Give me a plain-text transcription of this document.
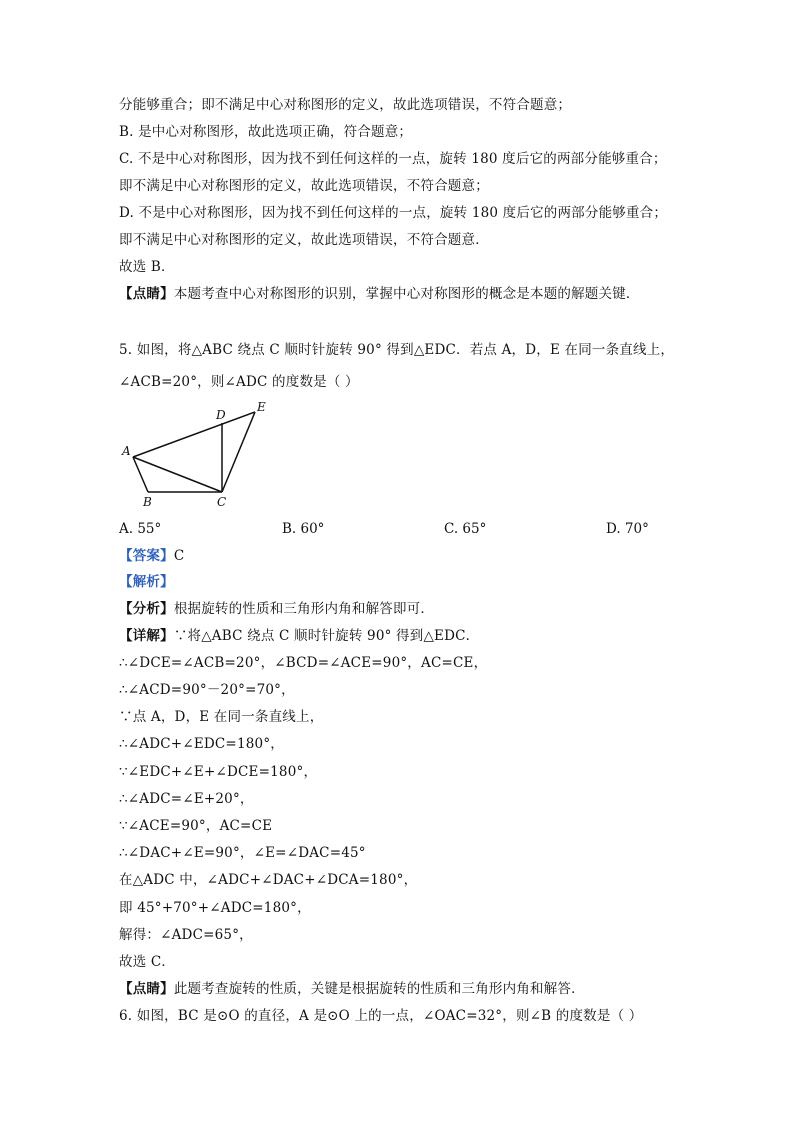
分能够重合；即不满足中心对称图形的定义，故此选项错误，不符合题意；
B. 是中心对称图形，故此选项正确，符合题意；
C. 不是中心对称图形，因为找不到任何这样的一点，旋转 180 度后它的两部分能够重合；
即不满足中心对称图形的定义，故此选项错误，不符合题意；
D. 不是中心对称图形，因为找不到任何这样的一点，旋转 180 度后它的两部分能够重合；
即不满足中心对称图形的定义，故此选项错误，不符合题意．
故选 B．
【点睛】本题考查中心对称图形的识别，掌握中心对称图形的概念是本题的解题关键．
5. 如图，将△ABC 绕点 C 顺时针旋转 90° 得到△EDC．若点 A，D，E 在同一条直线上，
∠ACB=20°，则∠ADC 的度数是（ ）
A
B	C
D
E
A. 55°	B. 60°	C. 65°	D. 70°
【答案】C
【解析】
【分析】根据旋转的性质和三角形内角和解答即可．
【详解】∵将△ABC 绕点 C 顺时针旋转 90° 得到△EDC．
∴∠DCE=∠ACB=20°，∠BCD=∠ACE=90°，AC=CE，
∴∠ACD=90°－20°=70°，
∵点 A，D，E 在同一条直线上，
∴∠ADC+∠EDC=180°，
∵∠EDC+∠E+∠DCE=180°，
∴∠ADC=∠E+20°，
∵∠ACE=90°，AC=CE
∴∠DAC+∠E=90°，∠E=∠DAC=45°
在△ADC 中，∠ADC+∠DAC+∠DCA=180°，
即 45°+70°+∠ADC=180°，
解得：∠ADC=65°，
故选 C．
【点睛】此题考查旋转的性质，关键是根据旋转的性质和三角形内角和解答．
6. 如图，BC 是⊙O 的直径，A 是⊙O 上的一点，∠OAC=32°，则∠B 的度数是（ ）
